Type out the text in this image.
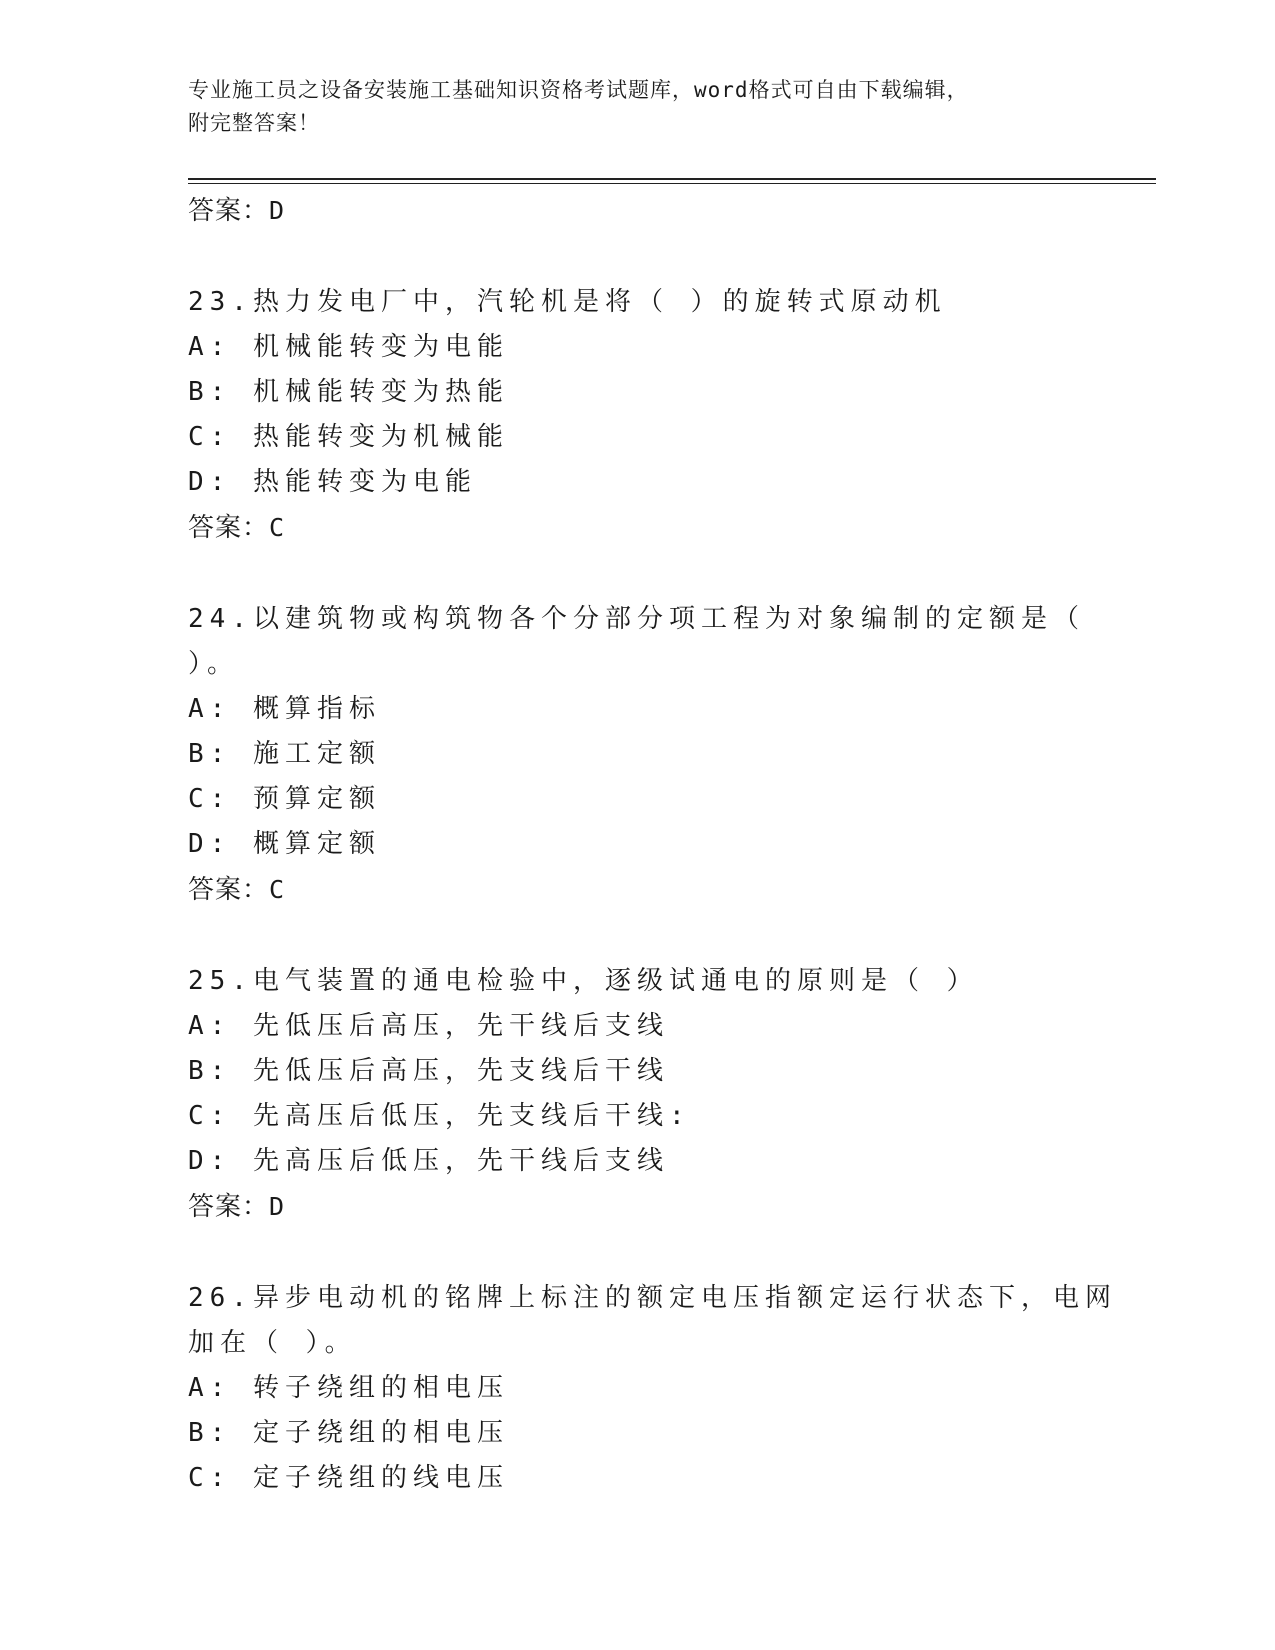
专业施工员之设备安装施工基础知识资格考试题库，word格式可自由下载编辑，
附完整答案！
答案：D
23.热力发电厂中，汽轮机是将（ ）的旋转式原动机
A: 机械能转变为电能
B: 机械能转变为热能
C: 热能转变为机械能
D: 热能转变为电能
答案：C
24.以建筑物或构筑物各个分部分项工程为对象编制的定额是（ ）。
A: 概算指标
B: 施工定额
C: 预算定额
D: 概算定额
答案：C
25.电气装置的通电检验中，逐级试通电的原则是（ ）
A: 先低压后高压，先干线后支线
B: 先低压后高压，先支线后干线
C: 先高压后低压，先支线后干线:
D: 先高压后低压，先干线后支线
答案：D
26.异步电动机的铭牌上标注的额定电压指额定运行状态下，电网加在（ ）。
A: 转子绕组的相电压
B: 定子绕组的相电压
C: 定子绕组的线电压
